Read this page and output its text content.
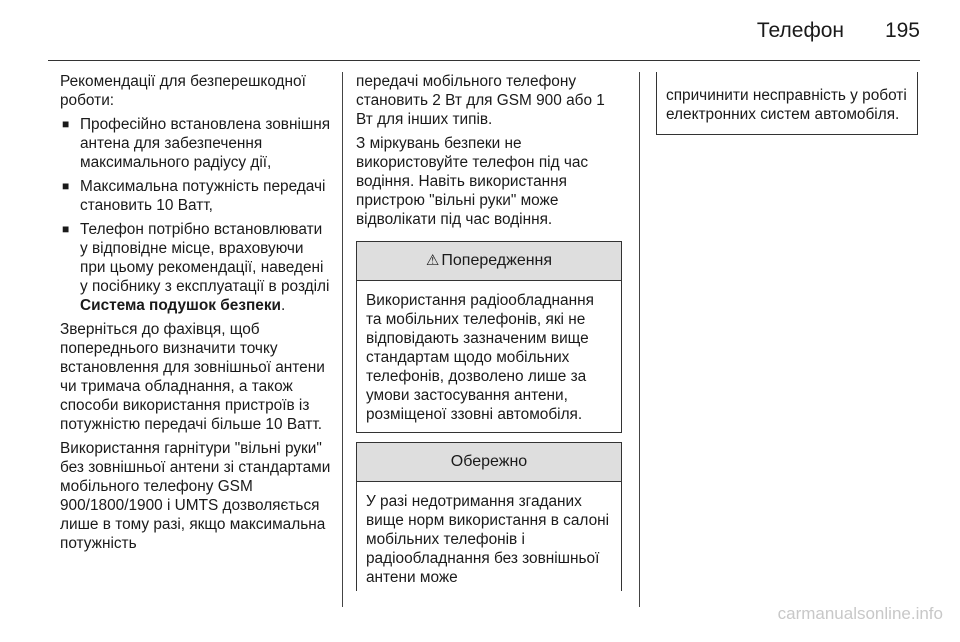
Телефон	195

Рекомендації для безперешкодної роботи:

■ Професійно встановлена зовнішня антена для забезпечення максимального радіусу дії,
■ Максимальна потужність передачі становить 10 Ватт,
■ Телефон потрібно встановлювати у відповідне місце, враховуючи при цьому рекомендації, наведені у посібнику з експлуатації в розділі Система подушок безпеки.

Зверніться до фахівця, щоб попереднього визначити точку встановлення для зовнішньої антени чи тримача обладнання, а також способи використання пристроїв із потужністю передачі більше 10 Ватт.

Використання гарнітури "вільні руки" без зовнішньої антени зі стандартами мобільного телефону GSM 900/1800/1900 і UMTS дозволяється лише в тому разі, якщо максимальна потужність

передачі мобільного телефону становить 2 Вт для GSM 900 або 1 Вт для інших типів.

З міркувань безпеки не використовуйте телефон під час водіння. Навіть використання пристрою "вільні руки" може відволікати під час водіння.

⚠ Попередження
Використання радіообладнання та мобільних телефонів, які не відповідають зазначеним вище стандартам щодо мобільних телефонів, дозволено лише за умови застосування антени, розміщеної ззовні автомобіля.
Обережно
У разі недотримання згаданих вище норм використання в салоні мобільних телефонів і радіообладнання без зовнішньої антени може
спричинити несправність у роботі електронних систем автомобіля.
carmanualsonline.info
